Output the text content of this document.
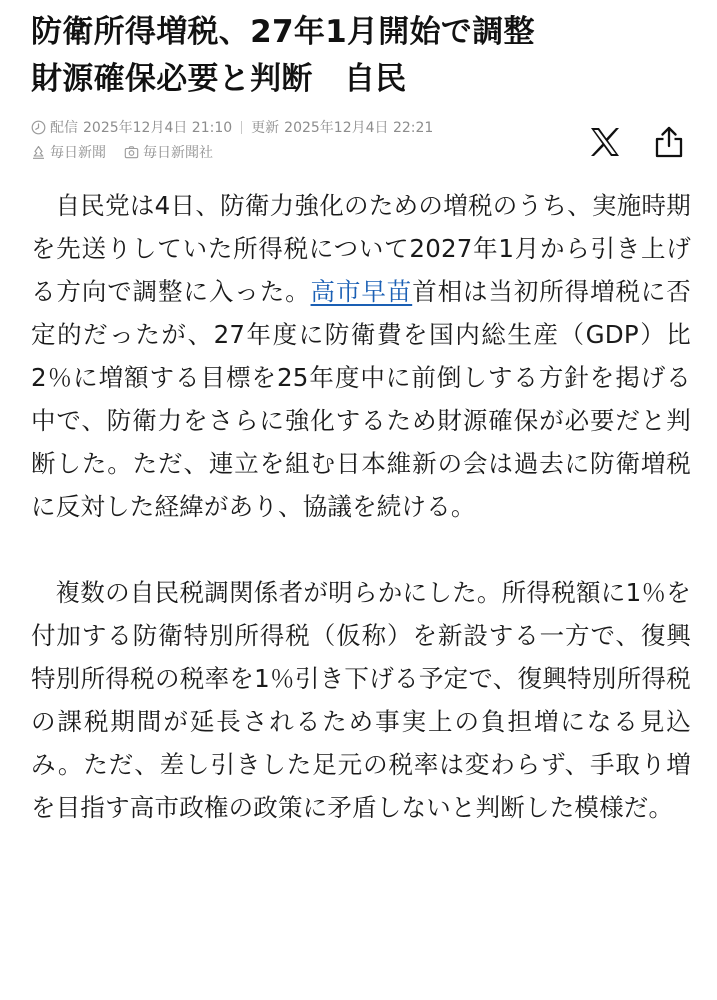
防衛所得増税、27年1月開始で調整
財源確保必要と判断　自民
配信 2025年12月4日 21:10 更新 2025年12月4日 22:21
毎日新聞	毎日新聞社

自民党は4日、防衛力強化のための増税のうち、実施時期を先送りしていた所得税について2027年1月から引き上げる方向で調整に入った。高市早苗首相は当初所得増税に否定的だったが、27年度に防衛費を国内総生産（GDP）比2％に増額する目標を25年度中に前倒しする方針を掲げる中で、防衛力をさらに強化するため財源確保が必要だと判断した。ただ、連立を組む日本維新の会は過去に防衛増税に反対した経緯があり、協議を続ける。

複数の自民税調関係者が明らかにした。所得税額に1％を付加する防衛特別所得税（仮称）を新設する一方で、復興特別所得税の税率を1％引き下げる予定で、復興特別所得税の課税期間が延長されるため事実上の負担増になる見込み。ただ、差し引きした足元の税率は変わらず、手取り増を目指す高市政権の政策に矛盾しないと判断した模様だ。
